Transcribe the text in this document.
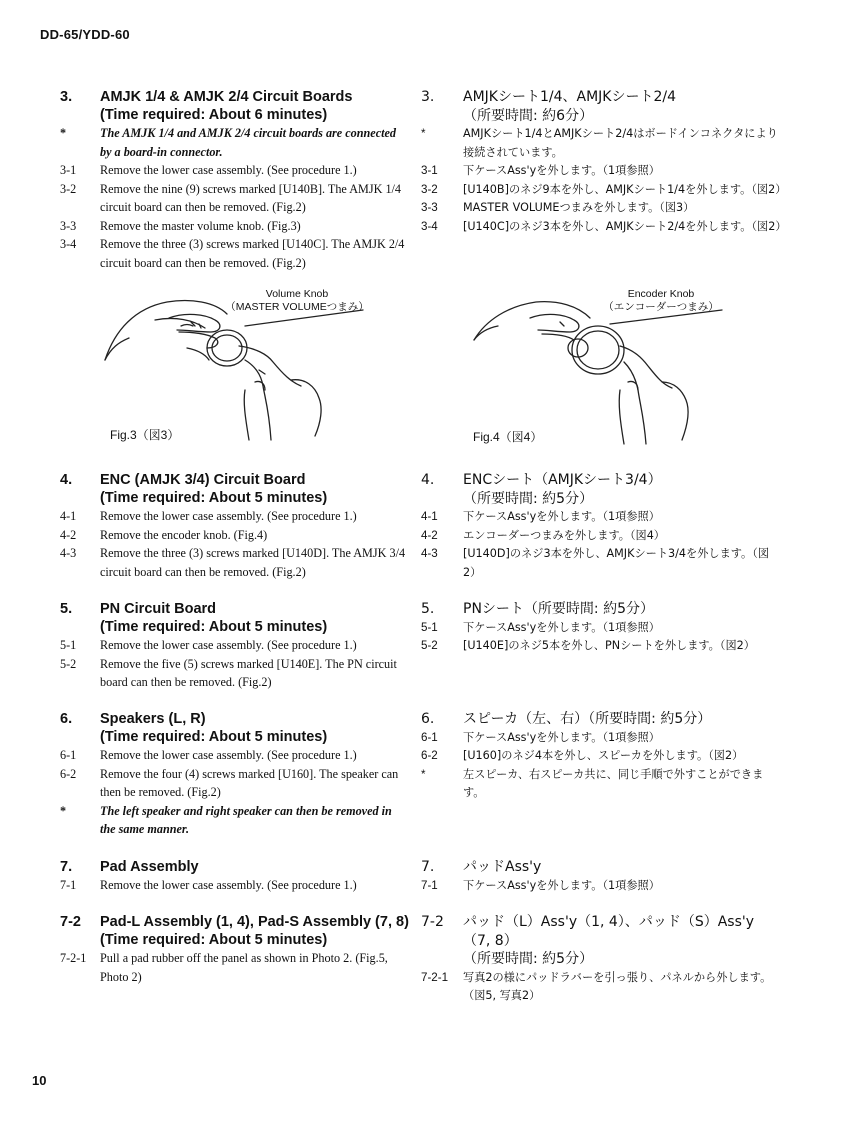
DD-65/YDD-60
3.	AMJK 1/4 & AMJK 2/4 Circuit Boards
(Time required: About 6 minutes)
*	The AMJK 1/4 and AMJK 2/4 circuit boards are connected by a board-in connector.
3-1	Remove the lower case assembly. (See procedure 1.)
3-2	Remove the nine (9) screws marked [U140B]. The AMJK 1/4 circuit board can then be removed. (Fig.2)
3-3	Remove the master volume knob. (Fig.3)
3-4	Remove the three (3) screws marked [U140C]. The AMJK 2/4 circuit board can then be removed. (Fig.2)
4.	ENC (AMJK 3/4) Circuit Board
(Time required: About 5 minutes)
4-1	Remove the lower case assembly. (See procedure 1.)
4-2	Remove the encoder knob. (Fig.4)
4-3	Remove the three (3) screws marked [U140D]. The AMJK 3/4 circuit board can then be removed. (Fig.2)
5.	PN Circuit Board
(Time required: About 5 minutes)
5-1	Remove the lower case assembly. (See procedure 1.)
5-2	Remove the five (5) screws marked [U140E]. The PN circuit board can then be removed. (Fig.2)
6.	Speakers (L, R)
(Time required: About 5 minutes)
6-1	Remove the lower case assembly. (See procedure 1.)
6-2	Remove the four (4) screws marked [U160]. The speaker can then be removed. (Fig.2)
*	The left speaker and right speaker can then be removed in the same manner.
7.	Pad Assembly
7-1	Remove the lower case assembly. (See procedure 1.)
7-2	Pad-L Assembly (1, 4), Pad-S Assembly (7, 8)
(Time required: About 5 minutes)
7-2-1	Pull a pad rubber off the panel as shown in Photo 2. (Fig.5, Photo 2)
3.	AMJKシート1/4、AMJKシート2/4
（所要時間: 約6分）
*	AMJKシート1/4とAMJKシート2/4はボードインコネクタにより接続されています。
3-1	下ケースAss'yを外します。（1項参照）
3-2	[U140B]のネジ9本を外し、AMJKシート1/4を外します。（図2）
3-3	MASTER VOLUMEつまみを外します。（図3）
3-4	[U140C]のネジ3本を外し、AMJKシート2/4を外します。（図2）
4.	ENCシート（AMJKシート3/4）
（所要時間: 約5分）
4-1	下ケースAss'yを外します。（1項参照）
4-2	エンコーダーつまみを外します。（図4）
4-3	[U140D]のネジ3本を外し、AMJKシート3/4を外します。（図2）
5.	PNシート（所要時間: 約5分）
5-1	下ケースAss'yを外します。（1項参照）
5-2	[U140E]のネジ5本を外し、PNシートを外します。（図2）
6.	スピーカ（左、右）（所要時間: 約5分）
6-1	下ケースAss'yを外します。（1項参照）
6-2	[U160]のネジ4本を外し、スピーカを外します。（図2）
*	左スピーカ、右スピーカ共に、同じ手順で外すことができます。
7.	パッドAss'y
7-1	下ケースAss'yを外します。（1項参照）
7-2	パッド（L）Ass'y（1, 4）、パッド（S）Ass'y（7, 8）
（所要時間: 約5分）
7-2-1	写真2の様にパッドラバーを引っ張り、パネルから外します。（図5, 写真2）
Volume Knob
（MASTER VOLUMEつまみ）
Fig.3（図3）
Encoder Knob
（エンコーダーつまみ）
Fig.4（図4）
10
